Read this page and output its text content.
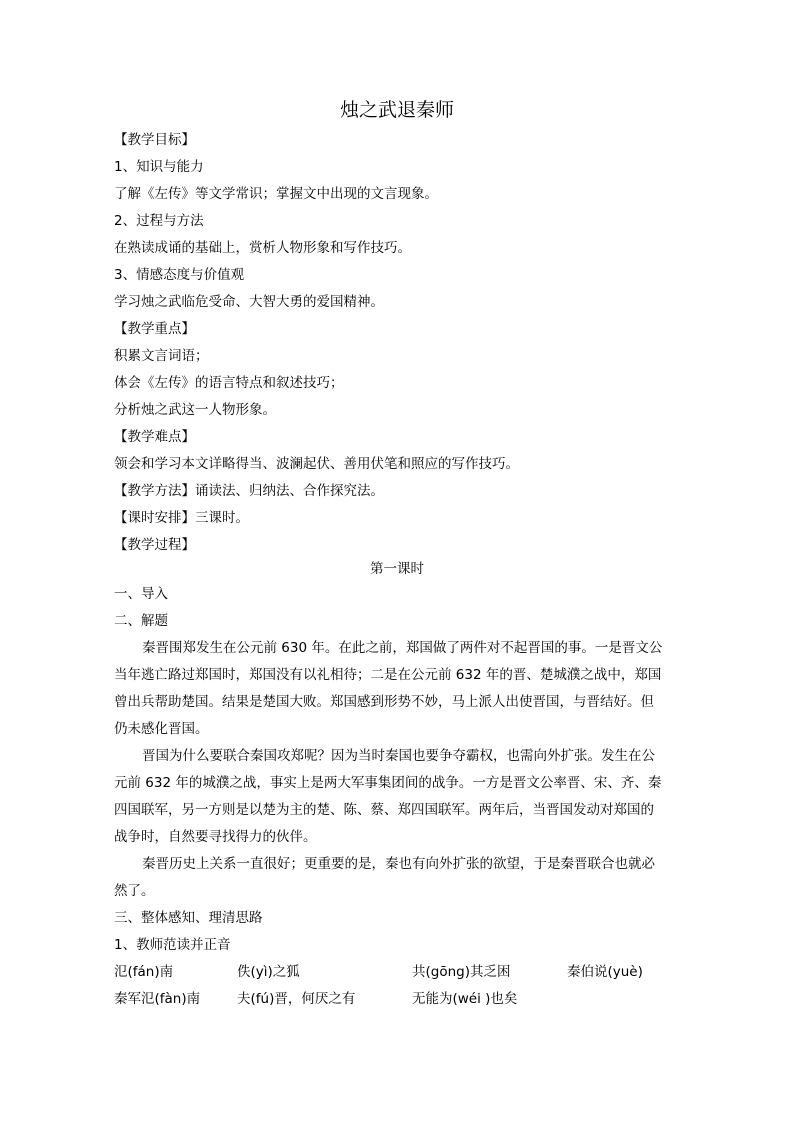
烛之武退秦师
【教学目标】
1、知识与能力
了解《左传》等文学常识；掌握文中出现的文言现象。
2、过程与方法
在熟读成诵的基础上，赏析人物形象和写作技巧。
3、情感态度与价值观
学习烛之武临危受命、大智大勇的爱国精神。
【教学重点】
积累文言词语；
体会《左传》的语言特点和叙述技巧；
分析烛之武这一人物形象。
【教学难点】
领会和学习本文详略得当、波澜起伏、善用伏笔和照应的写作技巧。
【教学方法】诵读法、归纳法、合作探究法。
【课时安排】三课时。
【教学过程】
第一课时
一、导入
二、解题
秦晋围郑发生在公元前 630 年。在此之前，郑国做了两件对不起晋国的事。一是晋文公
当年逃亡路过郑国时，郑国没有以礼相待；二是在公元前 632 年的晋、楚城濮之战中，郑国
曾出兵帮助楚国。结果是楚国大败。郑国感到形势不妙，马上派人出使晋国，与晋结好。但
仍未感化晋国。
晋国为什么要联合秦国攻郑呢？因为当时秦国也要争夺霸权，也需向外扩张。发生在公
元前 632 年的城濮之战，事实上是两大军事集团间的战争。一方是晋文公率晋、宋、齐、秦
四国联军，另一方则是以楚为主的楚、陈、蔡、郑四国联军。两年后，当晋国发动对郑国的
战争时，自然要寻找得力的伙伴。
秦晋历史上关系一直很好；更重要的是，秦也有向外扩张的欲望，于是秦晋联合也就必
然了。
三、整体感知、理清思路
1、教师范读并正音
氾(fán)南	佚(yì)之狐	共(gōng)其乏困	秦伯说(yuè)
秦军氾(fàn)南	夫(fú)晋，何厌之有	无能为(wéi )也矣
